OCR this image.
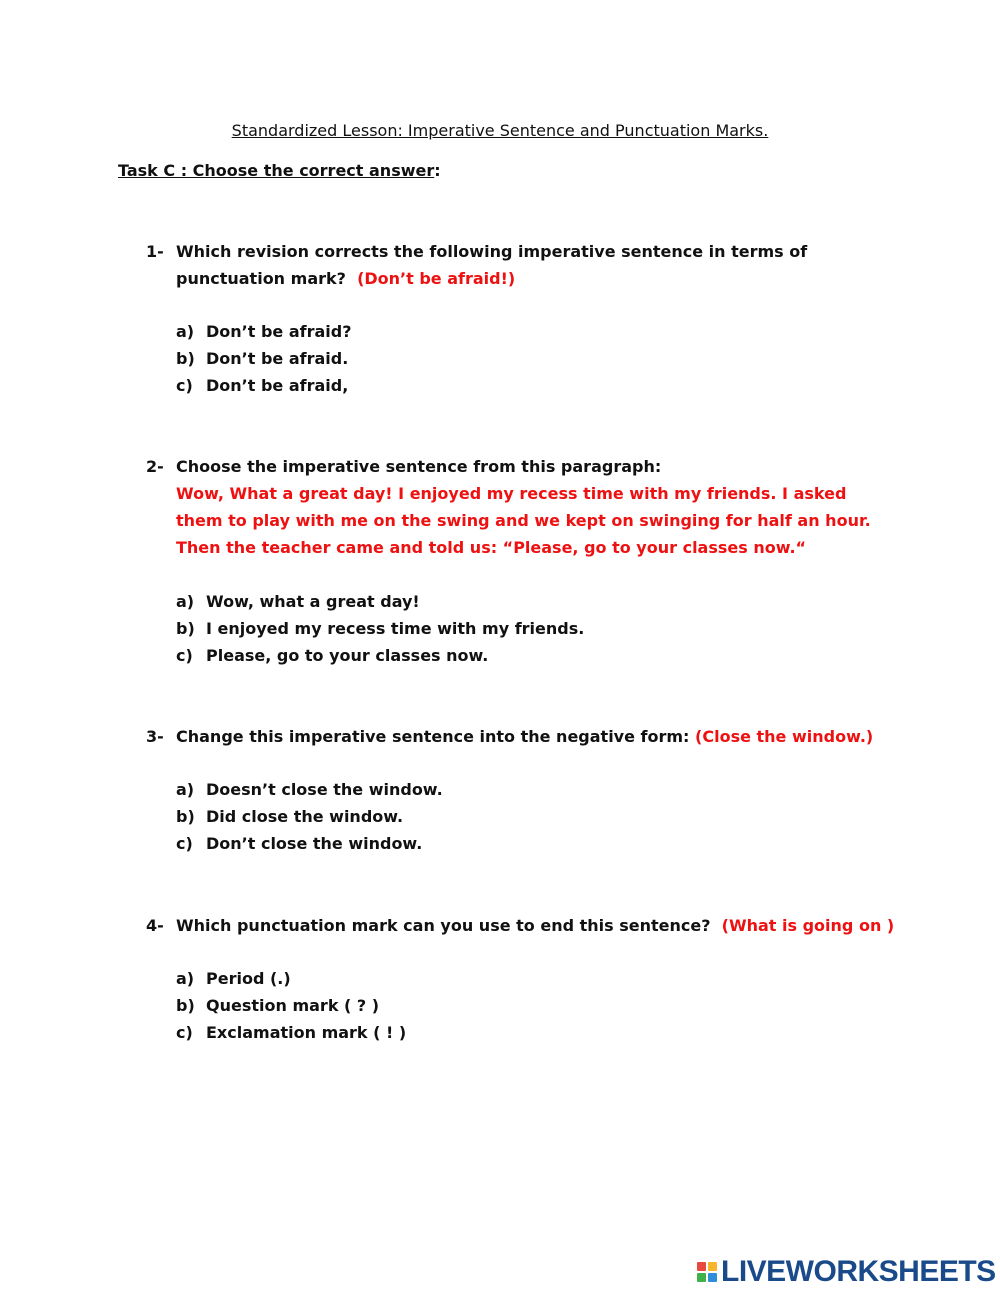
Standardized Lesson: Imperative Sentence and Punctuation Marks.
Task C : Choose the correct answer:
1- Which revision corrects the following imperative sentence in terms of
punctuation mark? (Don’t be afraid!)
a) Don’t be afraid?
b) Don’t be afraid.
c) Don’t be afraid,
2- Choose the imperative sentence from this paragraph:
Wow, What a great day! I enjoyed my recess time with my friends. I asked
them to play with me on the swing and we kept on swinging for half an hour.
Then the teacher came and told us: “Please, go to your classes now.“
a) Wow, what a great day!
b) I enjoyed my recess time with my friends.
c) Please, go to your classes now.
3- Change this imperative sentence into the negative form: (Close the window.)
a) Doesn’t close the window.
b) Did close the window.
c) Don’t close the window.
4- Which punctuation mark can you use to end this sentence? (What is going on )
a) Period (.)
b) Question mark ( ? )
c) Exclamation mark ( ! )
LIVEWORKSHEETS
